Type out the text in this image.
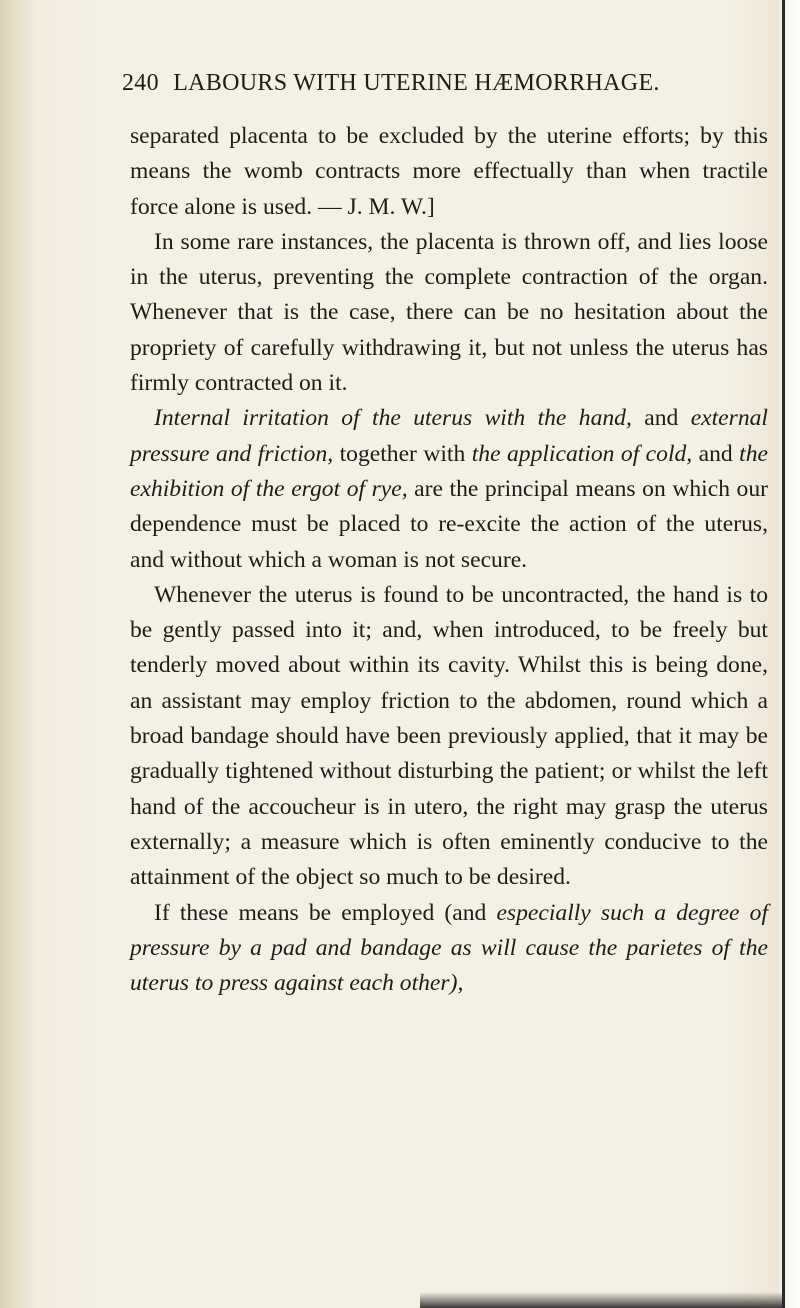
240 LABOURS WITH UTERINE HÆMORRHAGE.

separated placenta to be excluded by the uterine efforts; by this means the womb contracts more effectually than when tractile force alone is used. — J. M. W.]

In some rare instances, the placenta is thrown off, and lies loose in the uterus, preventing the complete contraction of the organ. Whenever that is the case, there can be no hesitation about the propriety of carefully withdrawing it, but not unless the uterus has firmly contracted on it.

Internal irritation of the uterus with the hand, and external pressure and friction, together with the application of cold, and the exhibition of the ergot of rye, are the principal means on which our dependence must be placed to re-excite the action of the uterus, and without which a woman is not secure.

Whenever the uterus is found to be uncontracted, the hand is to be gently passed into it; and, when introduced, to be freely but tenderly moved about within its cavity. Whilst this is being done, an assistant may employ friction to the abdomen, round which a broad bandage should have been previously applied, that it may be gradually tightened without disturbing the patient; or whilst the left hand of the accoucheur is in utero, the right may grasp the uterus externally; a measure which is often eminently conducive to the attainment of the object so much to be desired.

If these means be employed (and especially such a degree of pressure by a pad and bandage as will cause the parietes of the uterus to press against each other),
